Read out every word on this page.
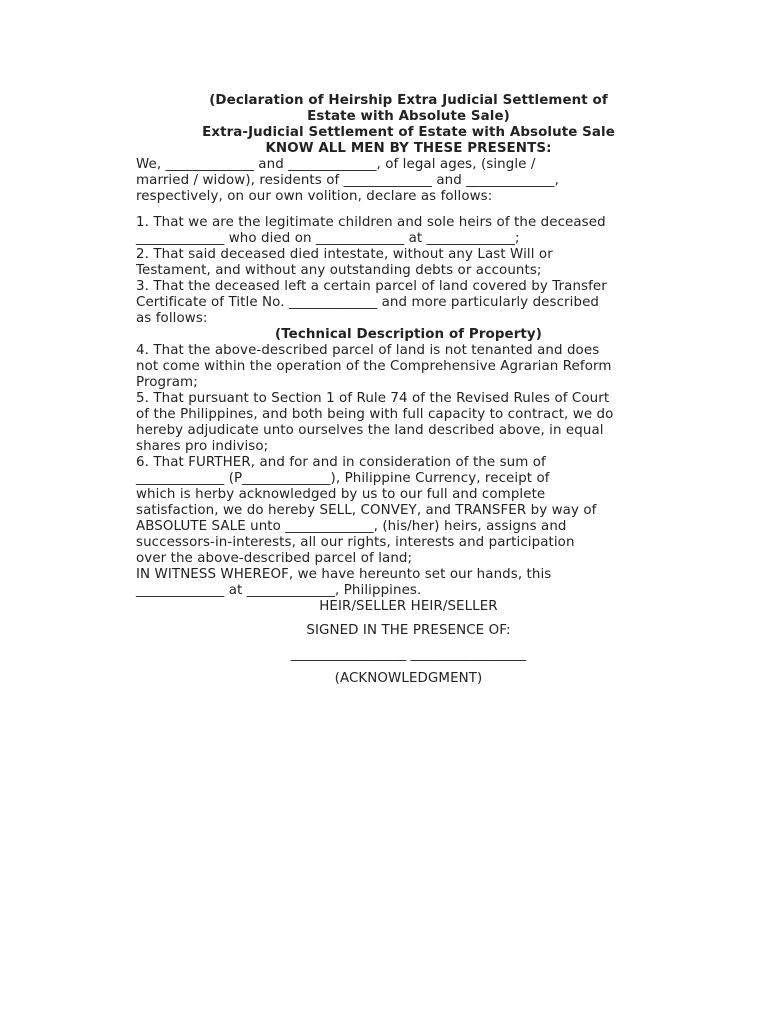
(Declaration of Heirship Extra Judicial Settlement of
Estate with Absolute Sale)
Extra-Judicial Settlement of Estate with Absolute Sale
KNOW ALL MEN BY THESE PRESENTS:
We, _____________ and _____________, of legal ages, (single /
married / widow), residents of _____________ and _____________,
respectively, on our own volition, declare as follows:
1. That we are the legitimate children and sole heirs of the deceased
_____________ who died on _____________ at _____________;
2. That said deceased died intestate, without any Last Will or
Testament, and without any outstanding debts or accounts;
3. That the deceased left a certain parcel of land covered by Transfer
Certificate of Title No. _____________ and more particularly described
as follows:
(Technical Description of Property)
4. That the above-described parcel of land is not tenanted and does
not come within the operation of the Comprehensive Agrarian Reform
Program;
5. That pursuant to Section 1 of Rule 74 of the Revised Rules of Court
of the Philippines, and both being with full capacity to contract, we do
hereby adjudicate unto ourselves the land described above, in equal
shares pro indiviso;
6. That FURTHER, and for and in consideration of the sum of
_____________ (P_____________), Philippine Currency, receipt of
which is herby acknowledged by us to our full and complete
satisfaction, we do hereby SELL, CONVEY, and TRANSFER by way of
ABSOLUTE SALE unto _____________, (his/her) heirs, assigns and
successors-in-interests, all our rights, interests and participation
over the above-described parcel of land;
IN WITNESS WHEREOF, we have hereunto set our hands, this
_____________ at _____________, Philippines.
HEIR/SELLER HEIR/SELLER
SIGNED IN THE PRESENCE OF:
_________________ _________________
(ACKNOWLEDGMENT)
